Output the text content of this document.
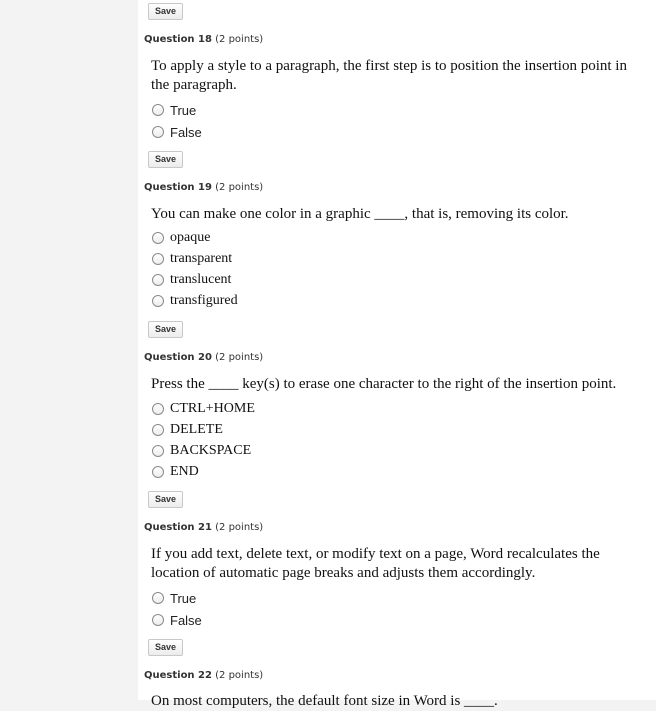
Save
Question 18 (2 points)
To apply a style to a paragraph, the first step is to position the insertion point in
the paragraph.
True
False
Save
Question 19 (2 points)
You can make one color in a graphic ____, that is, removing its color.
opaque
transparent
translucent
transfigured
Save
Question 20 (2 points)
Press the ____ key(s) to erase one character to the right of the insertion point.
CTRL+HOME
DELETE
BACKSPACE
END
Save
Question 21 (2 points)
If you add text, delete text, or modify text on a page, Word recalculates the
location of automatic page breaks and adjusts them accordingly.
True
False
Save
Question 22 (2 points)
On most computers, the default font size in Word is ____.
